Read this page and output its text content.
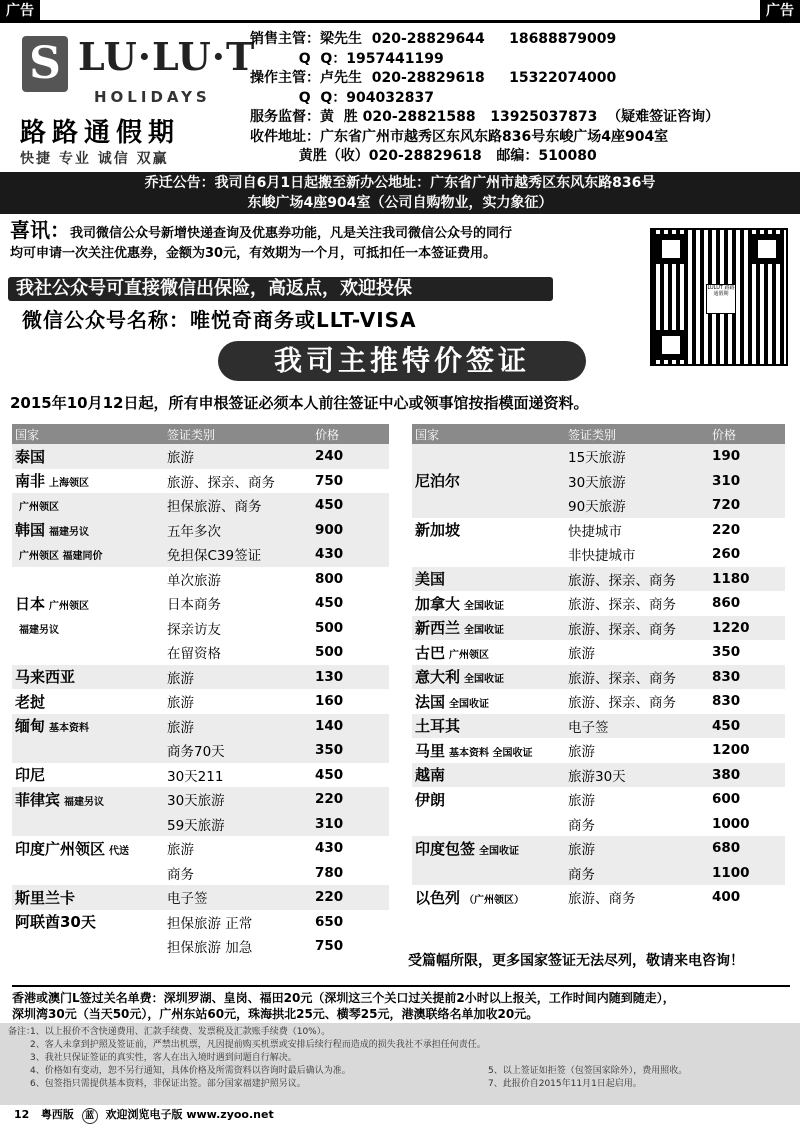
广告	广告
S LU·LU·T
HOLIDAYS
路路通假期
快捷 专业 诚信 双赢
销售主管：梁先生  020-28829644     18688879009
Q  Q：1957441199
操作主管：卢先生  020-28829618     15322074000
Q  Q：904032837
服务监督：黄  胜 020-28821588   13925037873  （疑难签证咨询）
收件地址：广东省广州市越秀区东风东路836号东峻广场4座904室
黄胜（收）020-28829618   邮编：510080
乔迁公告：我司自6月1日起搬至新办公地址：广东省广州市越秀区东风东路836号
东峻广场4座904室（公司自购物业，实力象征）
喜讯：我司微信公众号新增快递查询及优惠券功能，凡是关注我司微信公众号的同行
均可申请一次关注优惠券，金额为30元，有效期为一个月，可抵扣任一本签证费用。
我社公众号可直接微信出保险，高返点，欢迎投保
微信公众号名称：唯悦奇商务或LLT-VISA
LULUT 路路通假期
我司主推特价签证
2015年10月12日起，所有申根签证必须本人前往签证中心或领事馆按指模面递资料。
国家	签证类别	价格
泰国	旅游	240
南非 上海领区	旅游、探亲、商务	750
广州领区	担保旅游、商务	450
韩国 福建另议	五年多次	900
广州领区 福建同价	免担保C39签证	430
	单次旅游	800
日本 广州领区	日本商务	450
福建另议	探亲访友	500
	在留资格	500
马来西亚	旅游	130
老挝	旅游	160
缅甸 基本资料	旅游	140
	商务70天	350
印尼	30天211	450
菲律宾 福建另议	30天旅游	220
	59天旅游	310
印度广州领区 代送	旅游	430
	商务	780
斯里兰卡	电子签	220
阿联酋30天	担保旅游 正常	650
	担保旅游 加急	750
国家	签证类别	价格
	15天旅游	190
尼泊尔	30天旅游	310
	90天旅游	720
新加坡	快捷城市	220
	非快捷城市	260
美国	旅游、探亲、商务	1180
加拿大 全国收证	旅游、探亲、商务	860
新西兰 全国收证	旅游、探亲、商务	1220
古巴 广州领区	旅游	350
意大利 全国收证	旅游、探亲、商务	830
法国 全国收证	旅游、探亲、商务	830
土耳其	电子签	450
马里 基本资料 全国收证	旅游	1200
越南	旅游30天	380
伊朗	旅游	600
	商务	1000
印度包签 全国收证	旅游	680
	商务	1100
以色列 （广州领区）	旅游、商务	400
受篇幅所限，更多国家签证无法尽列，敬请来电咨询！
香港或澳门L签过关名单费：深圳罗湖、皇岗、福田20元（深圳这三个关口过关提前2小时以上报关，工作时间内随到随走），
深圳湾30元（当天50元），广州东站60元，珠海拱北25元、横琴25元，港澳联络名单加收20元。
备注：
1、以上报价不含快递费用、汇款手续费、发票税及汇款账手续费（10%）。
2、客人未拿到护照及签证前，严禁出机票，凡因提前购买机票或安排后续行程而造成的损失我社不承担任何责任。
3、我社只保证签证的真实性，客人在出入境时遇到问题自行解决。
4、价格如有变动，恕不另行通知，具体价格及所需资料以咨询时最后确认为准。
6、包签指只需提供基本资料，非保证出签。部分国家福建护照另议。
5、以上签证如拒签（包签国家除外），费用照收。
7、此报价自2015年11月1日起启用。
12 粤西版 蓝 欢迎浏览电子版 www.zyoo.net
